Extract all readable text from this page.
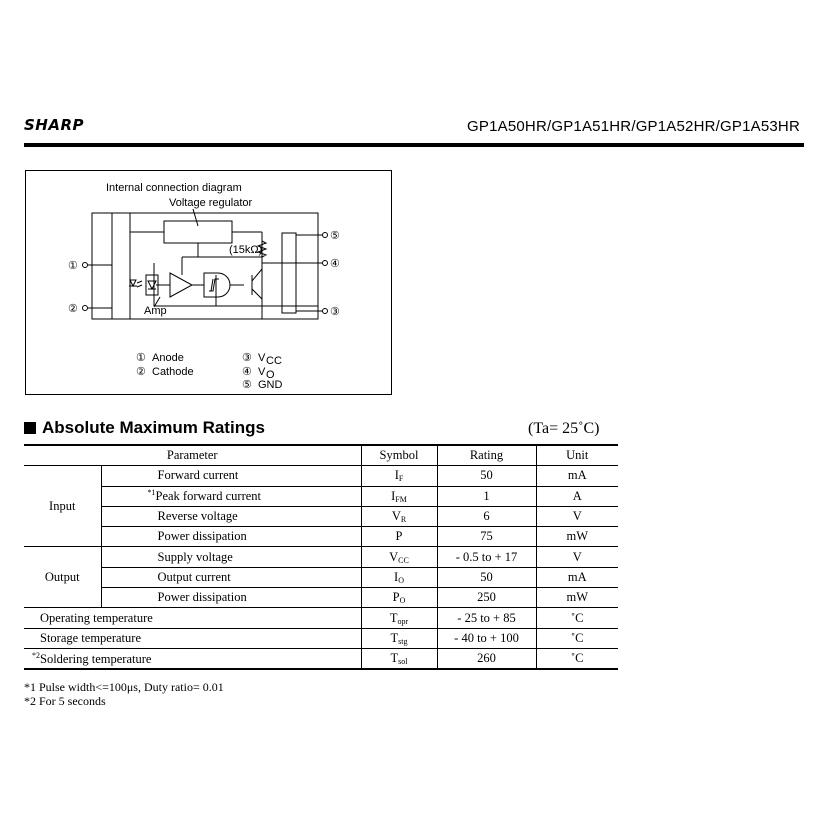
SHARP	GP1A50HR/GP1A51HR/GP1A52HR/GP1A53HR
Internal connection diagram
Voltage regulator
(15kΩ)
Amp
①
②
⑤
④
③
① Anode
② Cathode
③ V CC
④ V O
⑤ GND
Absolute Maximum Ratings	(Ta= 25˚C)
Parameter		Symbol	Rating	Unit
Input	Forward current	$I_F$	50	mA
	$^{*1}$Peak forward current	$I_{FM}$	1	A
	Reverse voltage	$V_R$	6	V
	Power dissipation	P	75	mW
Output	Supply voltage	$V_{CC}$	- 0.5 to + 17	V
	Output current	$I_O$	50	mA
	Power dissipation	$P_O$	250	mW
Operating temperature		$T_{opr}$	- 25 to + 85	˚C
Storage temperature		$T_{stg}$	- 40 to + 100	˚C
$^{*2}$Soldering temperature		$T_{sol}$	260	˚C
*1 Pulse width<=100μs, Duty ratio= 0.01
*2 For 5 seconds
